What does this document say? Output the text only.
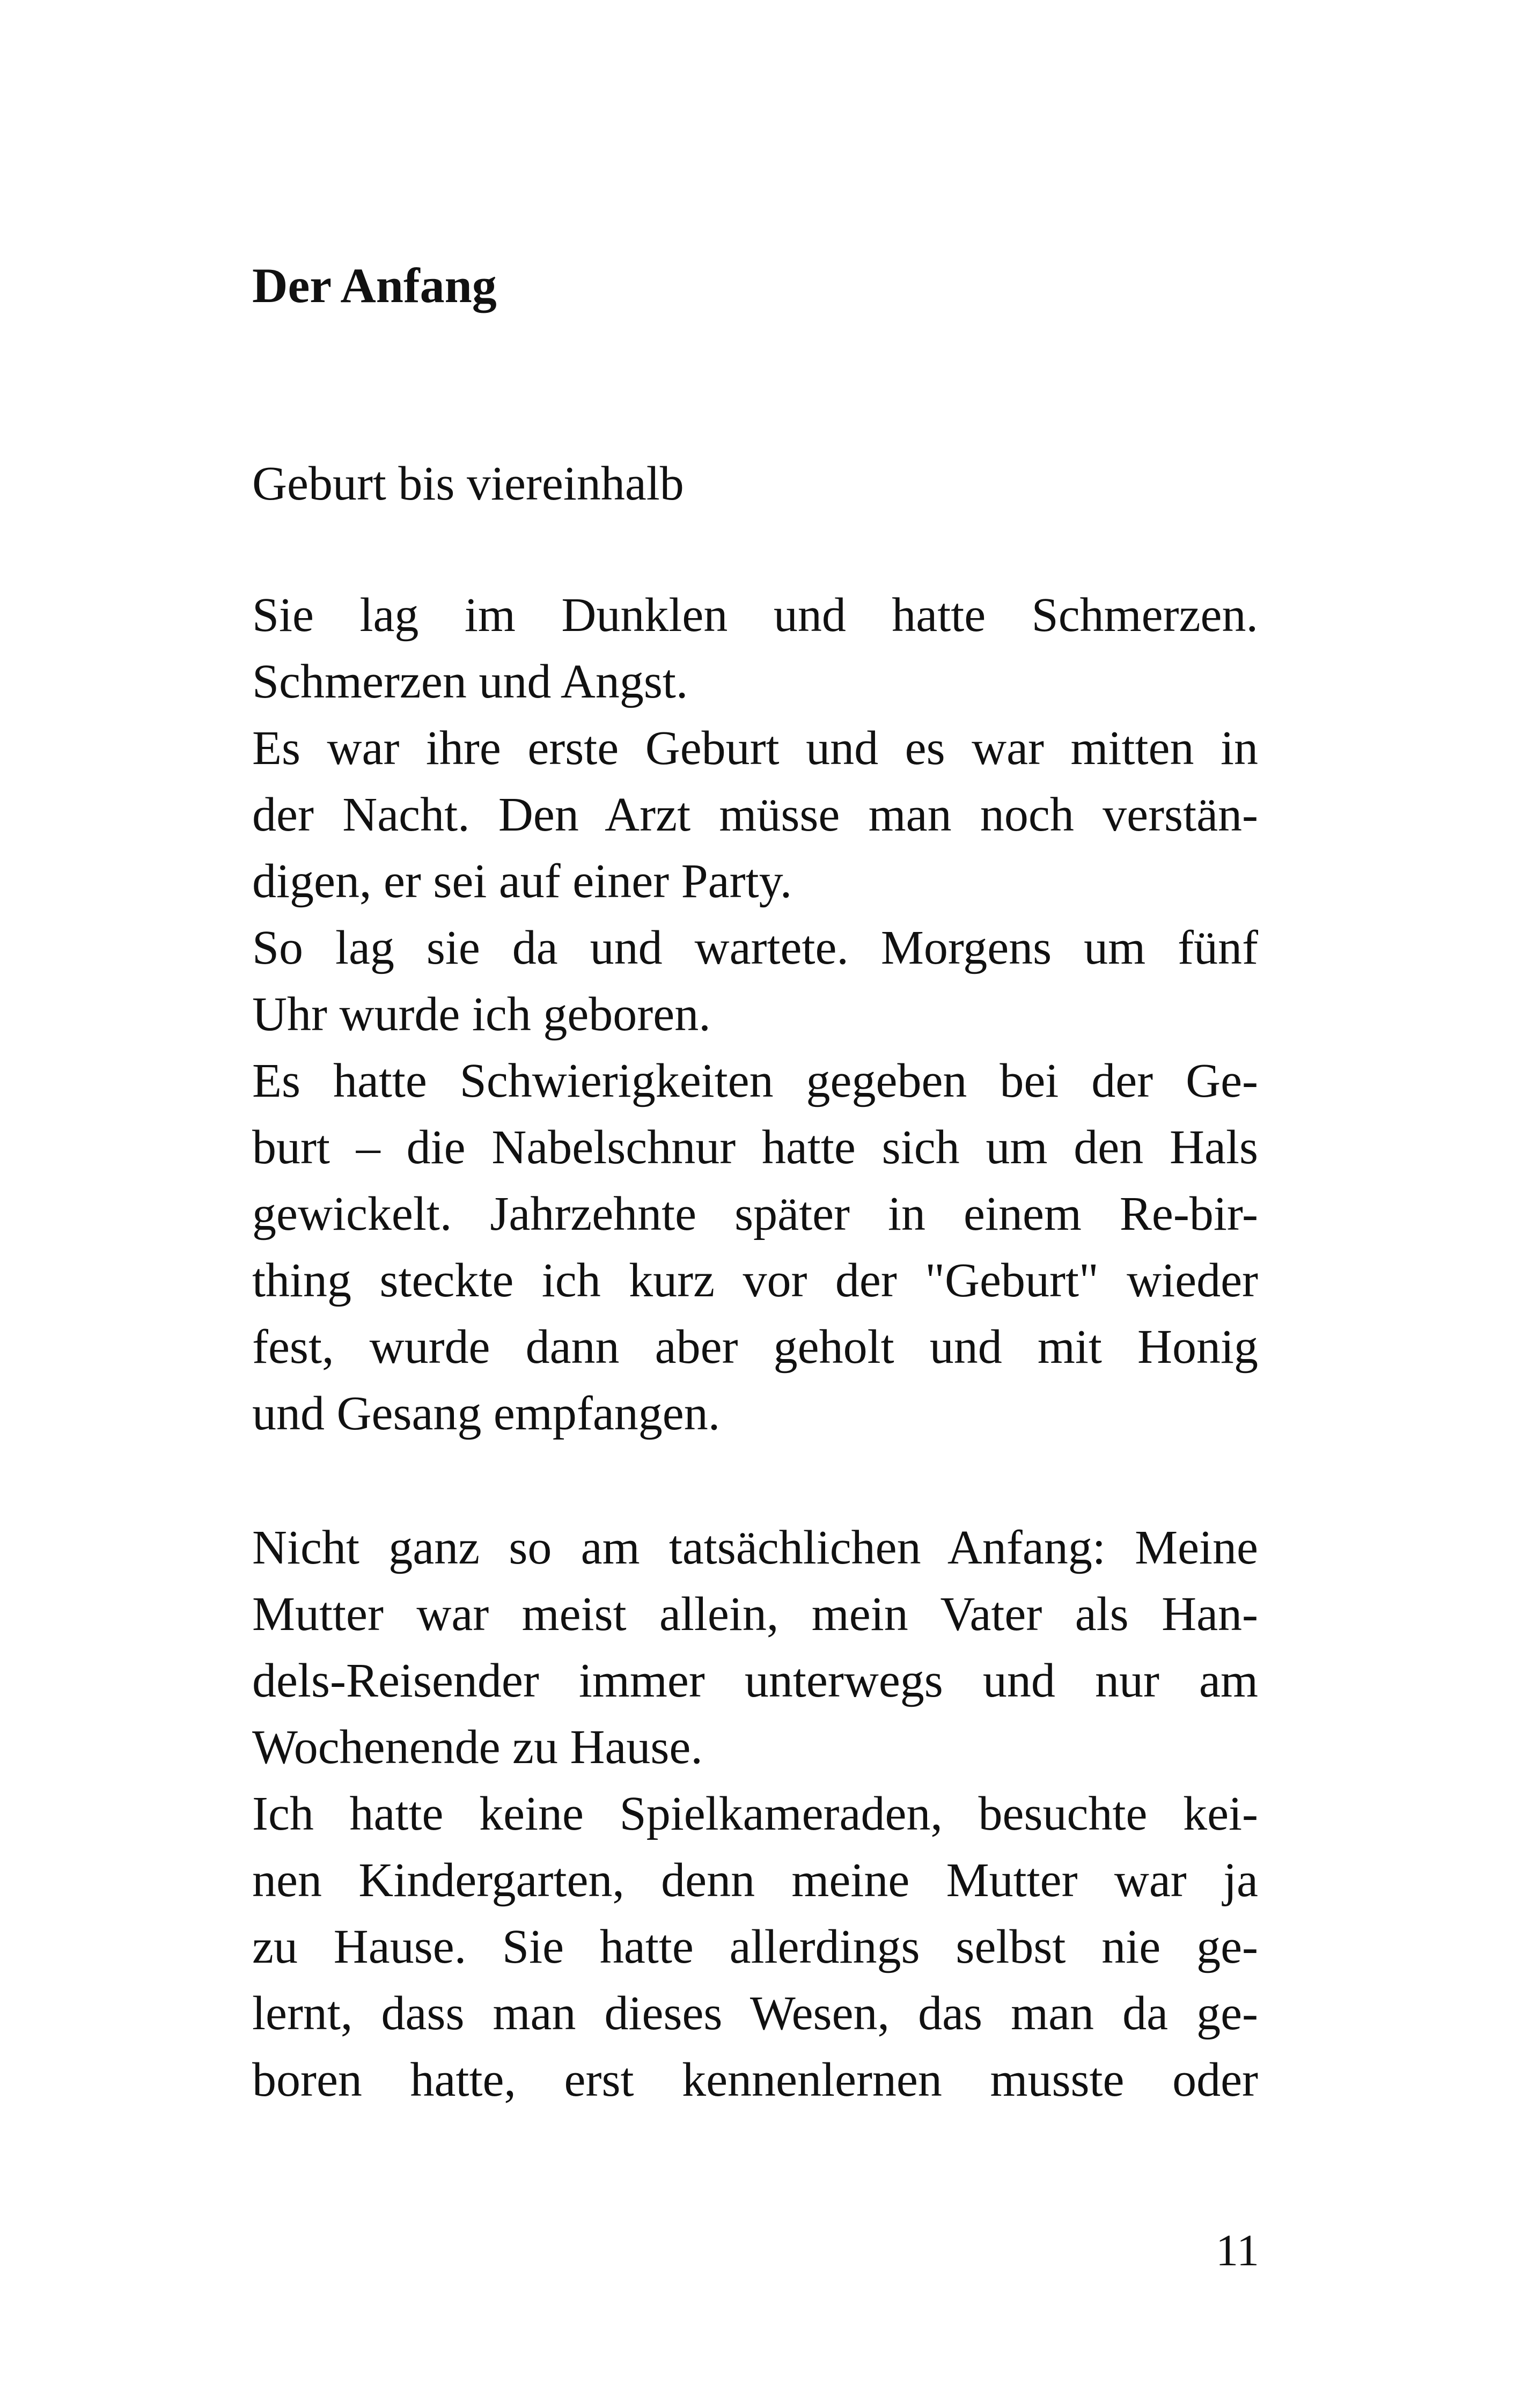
Der Anfang

Geburt bis viereinhalb

Sie lag im Dunklen und hatte Schmerzen.
Schmerzen und Angst.
Es war ihre erste Geburt und es war mitten in
der Nacht. Den Arzt müsse man noch verstän-
digen, er sei auf einer Party.
So lag sie da und wartete. Morgens um fünf
Uhr wurde ich geboren.
Es hatte Schwierigkeiten gegeben bei der Ge-
burt – die Nabelschnur hatte sich um den Hals
gewickelt. Jahrzehnte später in einem Re-bir-
thing steckte ich kurz vor der "Geburt" wieder
fest, wurde dann aber geholt und mit Honig
und Gesang empfangen.
Nicht ganz so am tatsächlichen Anfang: Meine
Mutter war meist allein, mein Vater als Han-
dels-Reisender immer unterwegs und nur am
Wochenende zu Hause.
Ich hatte keine Spielkameraden, besuchte kei-
nen Kindergarten, denn meine Mutter war ja
zu Hause. Sie hatte allerdings selbst nie ge-
lernt, dass man dieses Wesen, das man da ge-
boren hatte, erst kennenlernen musste oder
11
